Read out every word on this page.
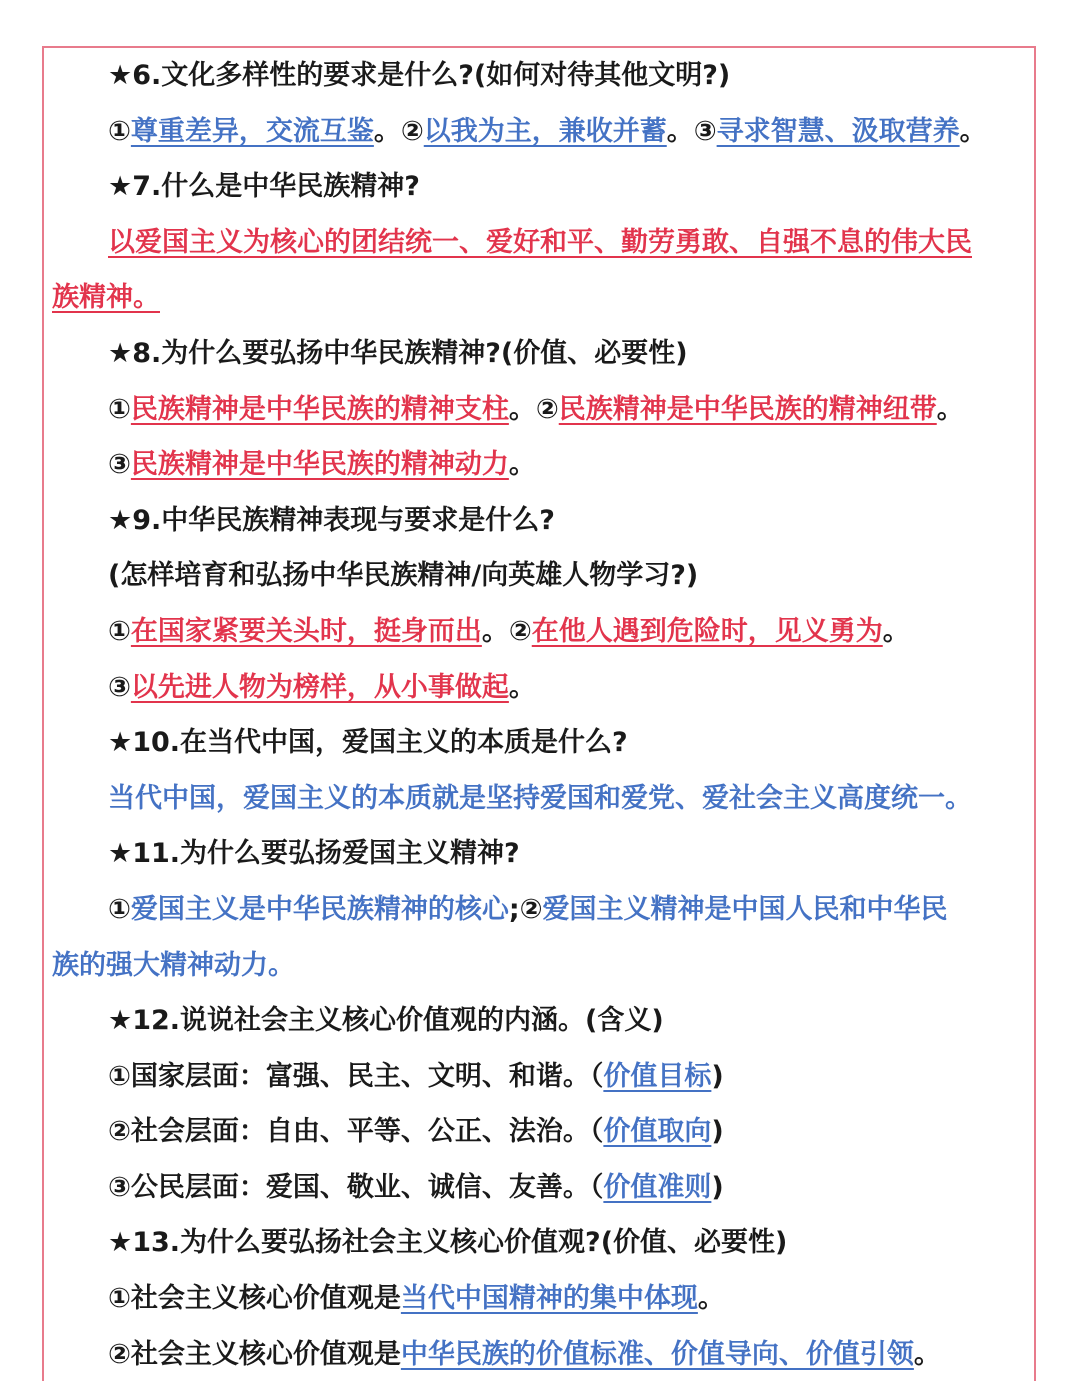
★6.文化多样性的要求是什么?(如何对待其他文明?)
①尊重差异，交流互鉴。②以我为主，兼收并蓄。③寻求智慧、汲取营养。
★7.什么是中华民族精神?
以爱国主义为核心的团结统一、爱好和平、勤劳勇敢、自强不息的伟大民
族精神。
★8.为什么要弘扬中华民族精神?(价值、必要性)
①民族精神是中华民族的精神支柱。②民族精神是中华民族的精神纽带。
③民族精神是中华民族的精神动力。
★9.中华民族精神表现与要求是什么?
(怎样培育和弘扬中华民族精神/向英雄人物学习?)
①在国家紧要关头时，挺身而出。②在他人遇到危险时，见义勇为。
③以先进人物为榜样，从小事做起。
★10.在当代中国，爱国主义的本质是什么?
当代中国，爱国主义的本质就是坚持爱国和爱党、爱社会主义高度统一。
★11.为什么要弘扬爱国主义精神?
①爱国主义是中华民族精神的核心;②爱国主义精神是中国人民和中华民
族的强大精神动力。
★12.说说社会主义核心价值观的内涵。(含义)
①国家层面：富强、民主、文明、和谐。（价值目标)
②社会层面：自由、平等、公正、法治。（价值取向)
③公民层面：爱国、敬业、诚信、友善。（价值准则)
★13.为什么要弘扬社会主义核心价值观?(价值、必要性)
①社会主义核心价值观是当代中国精神的集中体现。
②社会主义核心价值观是中华民族的价值标准、价值导向、价值引领。
